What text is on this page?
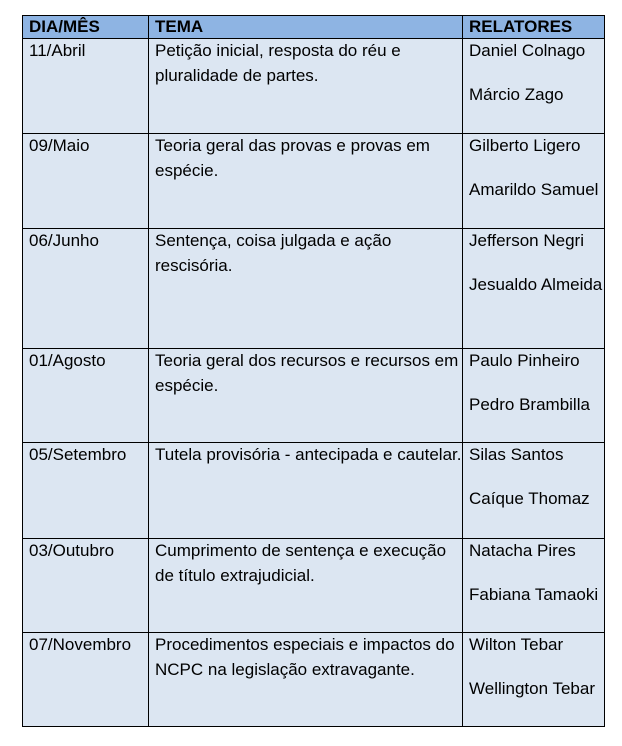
DIA/MÊS	TEMA	RELATORES
11/Abril	Petição inicial, resposta do réu e pluralidade de partes.	Daniel Colnago
Márcio Zago

09/Maio	Teoria geral das provas e provas em espécie.	Gilberto Ligero
Amarildo Samuel

06/Junho	Sentença, coisa julgada e ação rescisória.	Jefferson Negri
Jesualdo Almeida

01/Agosto	Teoria geral dos recursos e recursos em espécie.	Paulo Pinheiro
Pedro Brambilla

05/Setembro	Tutela provisória - antecipada e cautelar.	Silas Santos
Caíque Thomaz

03/Outubro	Cumprimento de sentença e execução de título extrajudicial.	Natacha Pires
Fabiana Tamaoki

07/Novembro	Procedimentos especiais e impactos do NCPC na legislação extravagante.	Wilton Tebar
Wellington Tebar
